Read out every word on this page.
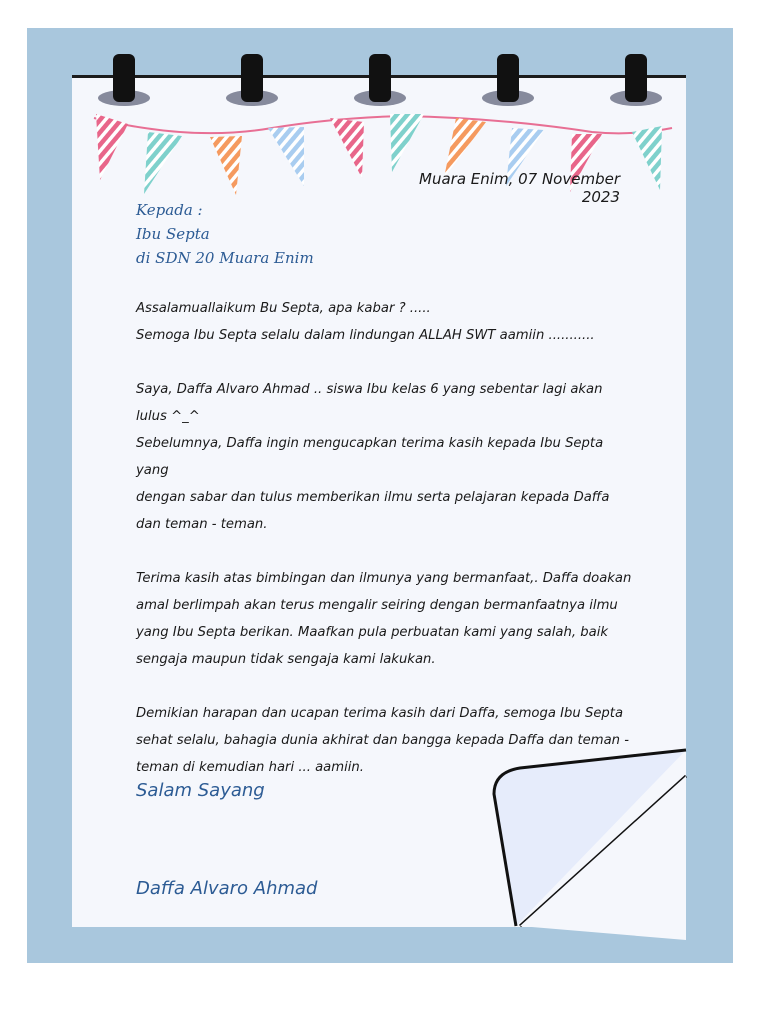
Muara Enim, 07 November 2023
Kepada :
Ibu Septa
di SDN 20 Muara Enim

Assalamuallaikum Bu Septa, apa kabar ? .....

Semoga Ibu Septa selalu dalam lindungan ALLAH SWT aamiin ...........

Saya, Daffa Alvaro Ahmad .. siswa Ibu kelas 6 yang sebentar lagi akan

lulus ^_^

Sebelumnya, Daffa ingin mengucapkan terima kasih kepada Ibu Septa yang

dengan sabar dan tulus memberikan ilmu serta pelajaran kepada Daffa

dan teman - teman.

Terima kasih atas bimbingan dan ilmunya yang bermanfaat,. Daffa doakan

amal berlimpah akan terus mengalir seiring dengan bermanfaatnya ilmu

yang Ibu Septa berikan. Maafkan pula perbuatan kami yang salah, baik

sengaja maupun tidak sengaja kami lakukan.

Demikian harapan dan ucapan terima kasih dari Daffa, semoga Ibu Septa

sehat selalu, bahagia dunia akhirat dan bangga kepada Daffa dan teman -

teman di kemudian hari ... aamiin.

Salam Sayang
Daffa Alvaro Ahmad
